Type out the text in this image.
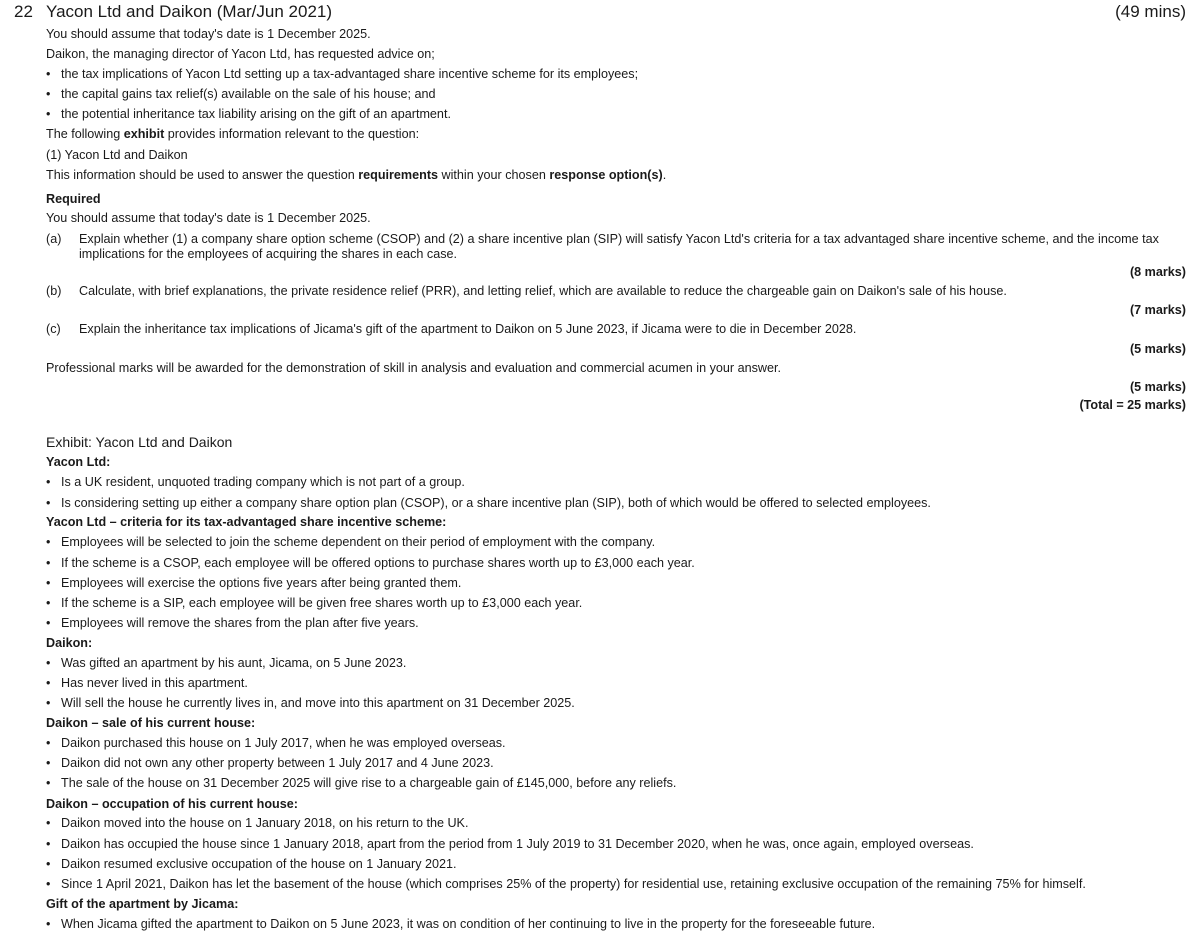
22 Yacon Ltd and Daikon (Mar/Jun 2021)	(49 mins)
You should assume that today's date is 1 December 2025.
Daikon, the managing director of Yacon Ltd, has requested advice on;
• the tax implications of Yacon Ltd setting up a tax-advantaged share incentive scheme for its employees;
• the capital gains tax relief(s) available on the sale of his house; and
• the potential inheritance tax liability arising on the gift of an apartment.
The following exhibit provides information relevant to the question:
(1) Yacon Ltd and Daikon
This information should be used to answer the question requirements within your chosen response option(s).
Required
You should assume that today's date is 1 December 2025.
(a) Explain whether (1) a company share option scheme (CSOP) and (2) a share incentive plan (SIP) will satisfy Yacon Ltd's criteria for a tax advantaged share incentive scheme, and the income tax implications for the employees of acquiring the shares in each case.
(8 marks)
(b) Calculate, with brief explanations, the private residence relief (PRR), and letting relief, which are available to reduce the chargeable gain on Daikon's sale of his house.
(7 marks)
(c) Explain the inheritance tax implications of Jicama's gift of the apartment to Daikon on 5 June 2023, if Jicama were to die in December 2028.
(5 marks)
Professional marks will be awarded for the demonstration of skill in analysis and evaluation and commercial acumen in your answer.
(5 marks)
(Total = 25 marks)
Exhibit: Yacon Ltd and Daikon
Yacon Ltd:
• Is a UK resident, unquoted trading company which is not part of a group.
• Is considering setting up either a company share option plan (CSOP), or a share incentive plan (SIP), both of which would be offered to selected employees.
Yacon Ltd – criteria for its tax-advantaged share incentive scheme:
• Employees will be selected to join the scheme dependent on their period of employment with the company.
• If the scheme is a CSOP, each employee will be offered options to purchase shares worth up to £3,000 each year.
• Employees will exercise the options five years after being granted them.
• If the scheme is a SIP, each employee will be given free shares worth up to £3,000 each year.
• Employees will remove the shares from the plan after five years.
Daikon:
• Was gifted an apartment by his aunt, Jicama, on 5 June 2023.
• Has never lived in this apartment.
• Will sell the house he currently lives in, and move into this apartment on 31 December 2025.
Daikon – sale of his current house:
• Daikon purchased this house on 1 July 2017, when he was employed overseas.
• Daikon did not own any other property between 1 July 2017 and 4 June 2023.
• The sale of the house on 31 December 2025 will give rise to a chargeable gain of £145,000, before any reliefs.
Daikon – occupation of his current house:
• Daikon moved into the house on 1 January 2018, on his return to the UK.
• Daikon has occupied the house since 1 January 2018, apart from the period from 1 July 2019 to 31 December 2020, when he was, once again, employed overseas.
• Daikon resumed exclusive occupation of the house on 1 January 2021.
• Since 1 April 2021, Daikon has let the basement of the house (which comprises 25% of the property) for residential use, retaining exclusive occupation of the remaining 75% for himself.
Gift of the apartment by Jicama:
• When Jicama gifted the apartment to Daikon on 5 June 2023, it was on condition of her continuing to live in the property for the foreseeable future.
